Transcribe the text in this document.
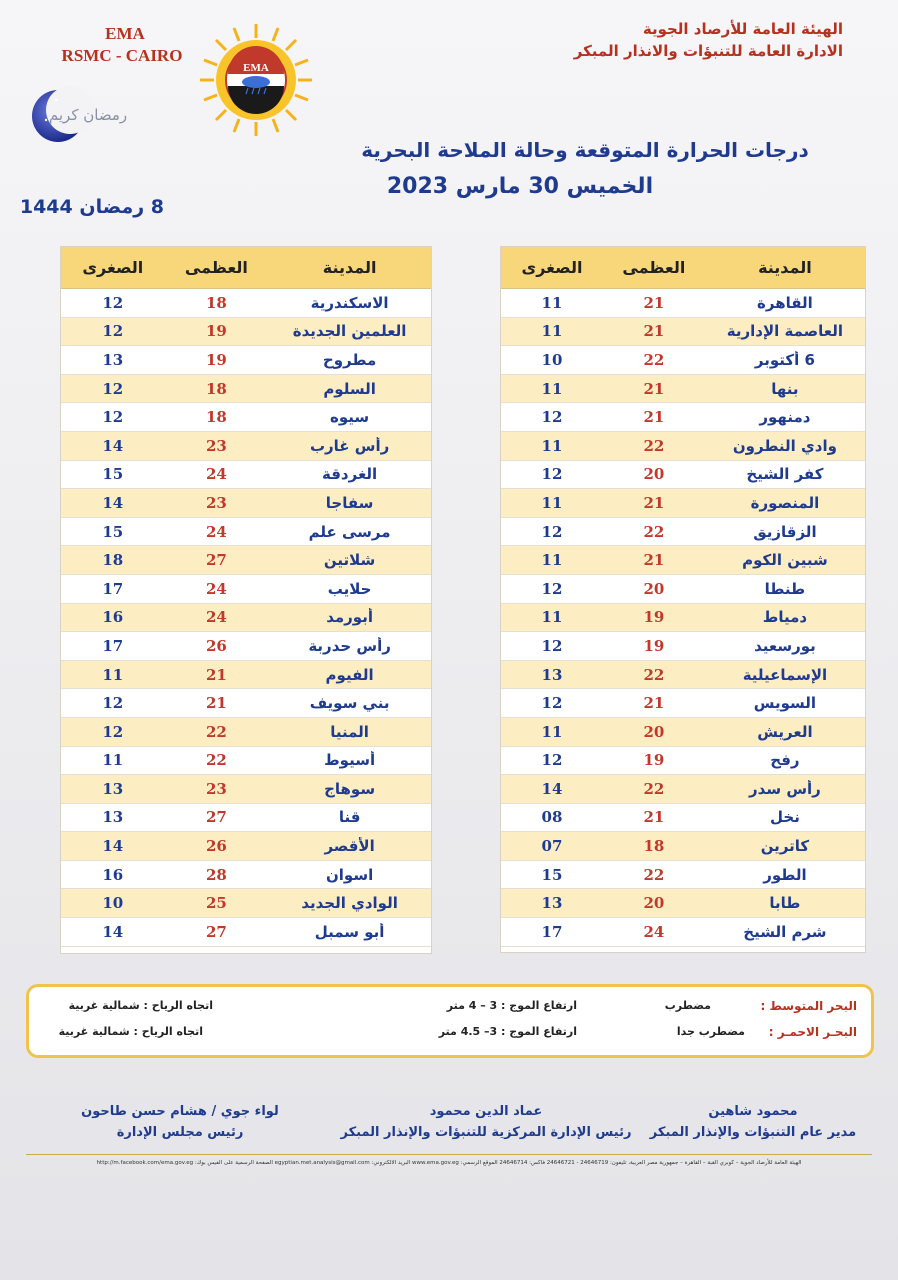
الهيئة العامة للأرصاد الجوية
الادارة العامة للتنبؤات والانذار المبكر
EMA
RSMC - CAIRO
رمضان كريم
EMA
درجات الحرارة المتوقعة وحالة الملاحة البحرية
الخميس 30 مارس 2023
8 رمضان 1444
المدينة
العظمى
الصغرى
القاهرة
21
11
العاصمة الإدارية
21
11
6 أكتوبر
22
10
بنها
21
11
دمنهور
21
12
وادي النطرون
22
11
كفر الشيخ
20
12
المنصورة
21
11
الزقازيق
22
12
شبين الكوم
21
11
طنطا
20
12
دمياط
19
11
بورسعيد
19
12
الإسماعيلية
22
13
السويس
21
12
العريش
20
11
رفح
19
12
رأس سدر
22
14
نخل
21
08
كاترين
18
07
الطور
22
15
طابا
20
13
شرم الشيخ
24
17
المدينة
العظمى
الصغرى
الاسكندرية
18
12
العلمين الجديدة
19
12
مطروح
19
13
السلوم
18
12
سيوه
18
12
رأس غارب
23
14
الغردقة
24
15
سفاجا
23
14
مرسى علم
24
15
شلاتين
27
18
حلايب
24
17
أبورمد
24
16
رأس حدربة
26
17
الفيوم
21
11
بني سويف
21
12
المنيا
22
12
أسيوط
22
11
سوهاج
23
13
قنا
27
13
الأقصر
26
14
اسوان
28
16
الوادي الجديد
25
10
أبو سمبل
27
14
البحر المتوسط :
مضطرب
ارتفاع الموج : 3 – 4 متر
اتجاه الرياح : شمالية غربية
البحـر الاحمـر :
مضطرب جدا
ارتفاع الموج : 3– 4.5 متر
اتجاه الرياح : شمالية غربية
محمود شاهين
مدير عام التنبؤات والإنذار المبكر
عماد الدين محمود
رئيس الإدارة المركزية للتنبؤات والإنذار المبكر
لواء جوي / هشام حسن طاحون
رئيس مجلس الإدارة
الهيئة العامة للأرصاد الجوية – كوبري القبة – القاهرة – جمهورية مصر العربية، تليفون: 24646719 - 24646721 فاكس: 24646714 الموقع الرسمي: www.ema.gov.eg البريد الالكتروني: egyptian.met.analysis@gmail.com الصفحة الرسمية على الفيس بوك: http://m.facebook.com/ema.gov.eg
